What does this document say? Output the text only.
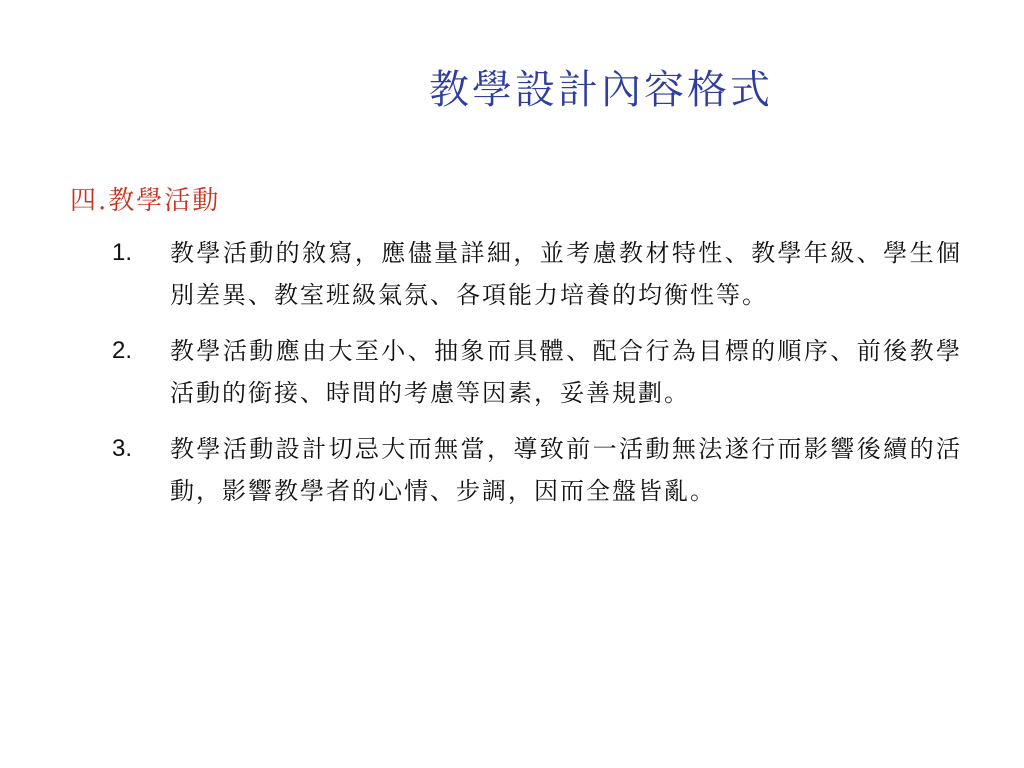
教學設計內容格式
四.教學活動
1.	教學活動的敘寫，應儘量詳細，並考慮教材特性、教學年級、學生個別差異、教室班級氣氛、各項能力培養的均衡性等。
2.	教學活動應由大至小、抽象而具體、配合行為目標的順序、前後教學活動的銜接、時間的考慮等因素，妥善規劃。
3.	教學活動設計切忌大而無當，導致前一活動無法遂行而影響後續的活動，影響教學者的心情、步調，因而全盤皆亂。
